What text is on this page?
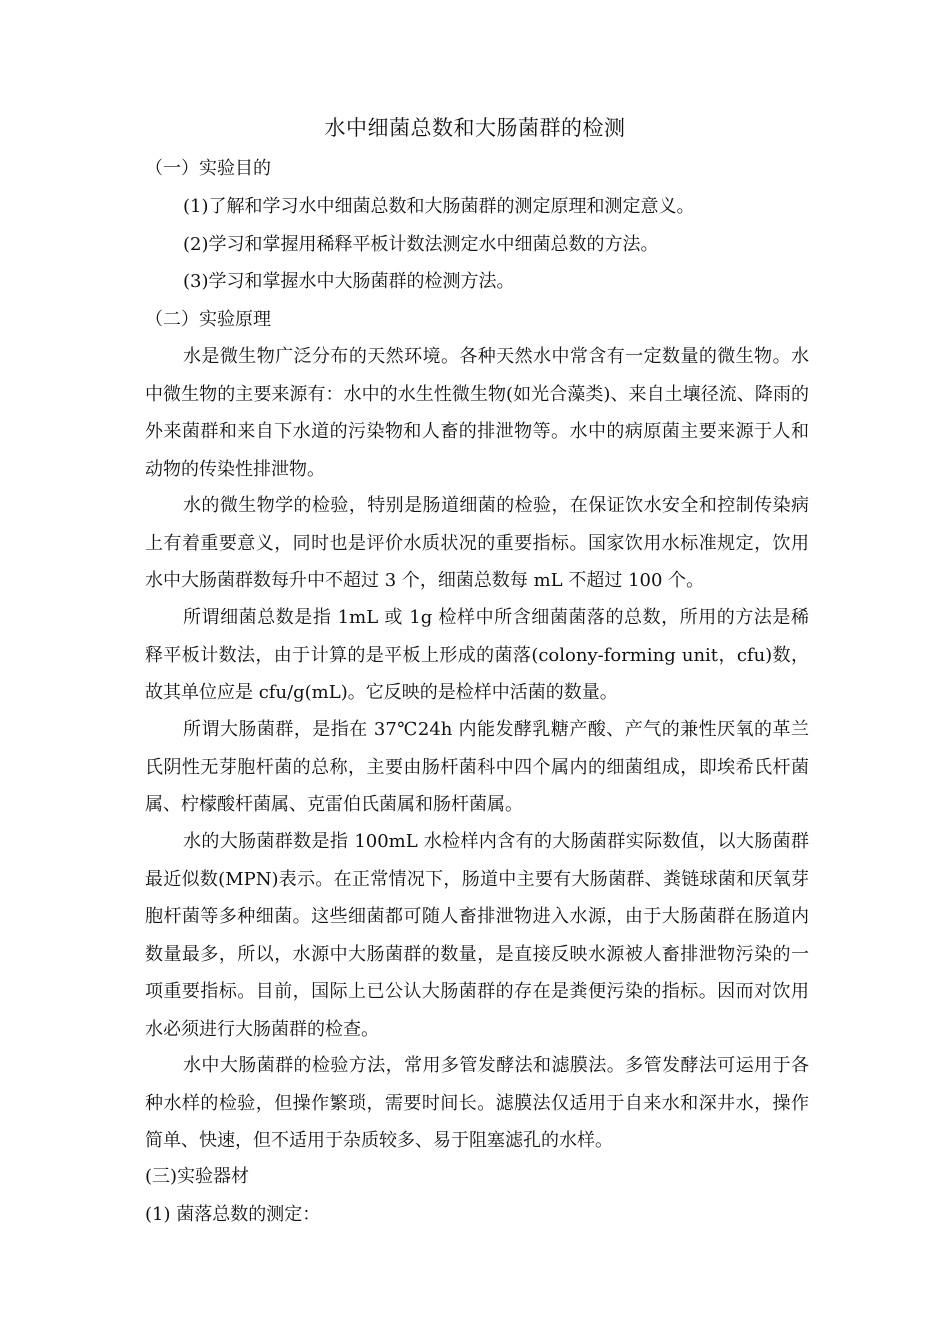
水中细菌总数和大肠菌群的检测
（一）实验目的
(1)了解和学习水中细菌总数和大肠菌群的测定原理和测定意义。
(2)学习和掌握用稀释平板计数法测定水中细菌总数的方法。
(3)学习和掌握水中大肠菌群的检测方法。
（二）实验原理
水是微生物广泛分布的天然环境。各种天然水中常含有一定数量的微生物。水中微生物的主要来源有：水中的水生性微生物(如光合藻类)、来自土壤径流、降雨的外来菌群和来自下水道的污染物和人畜的排泄物等。水中的病原菌主要来源于人和动物的传染性排泄物。
水的微生物学的检验，特别是肠道细菌的检验，在保证饮水安全和控制传染病上有着重要意义，同时也是评价水质状况的重要指标。国家饮用水标准规定，饮用水中大肠菌群数每升中不超过 3 个，细菌总数每 mL 不超过 100 个。
所谓细菌总数是指 1mL 或 1g 检样中所含细菌菌落的总数，所用的方法是稀释平板计数法，由于计算的是平板上形成的菌落(colony-forming unit，cfu)数，故其单位应是 cfu/g(mL)。它反映的是检样中活菌的数量。
所谓大肠菌群，是指在 37℃24h 内能发酵乳糖产酸、产气的兼性厌氧的革兰氏阴性无芽胞杆菌的总称，主要由肠杆菌科中四个属内的细菌组成，即埃希氏杆菌属、柠檬酸杆菌属、克雷伯氏菌属和肠杆菌属。
水的大肠菌群数是指 100mL 水检样内含有的大肠菌群实际数值，以大肠菌群最近似数(MPN)表示。在正常情况下，肠道中主要有大肠菌群、粪链球菌和厌氧芽胞杆菌等多种细菌。这些细菌都可随人畜排泄物进入水源，由于大肠菌群在肠道内数量最多，所以，水源中大肠菌群的数量，是直接反映水源被人畜排泄物污染的一项重要指标。目前，国际上已公认大肠菌群的存在是粪便污染的指标。因而对饮用水必须进行大肠菌群的检查。
水中大肠菌群的检验方法，常用多管发酵法和滤膜法。多管发酵法可运用于各种水样的检验，但操作繁琐，需要时间长。滤膜法仅适用于自来水和深井水，操作简单、快速，但不适用于杂质较多、易于阻塞滤孔的水样。
(三)实验器材
(1) 菌落总数的测定：
